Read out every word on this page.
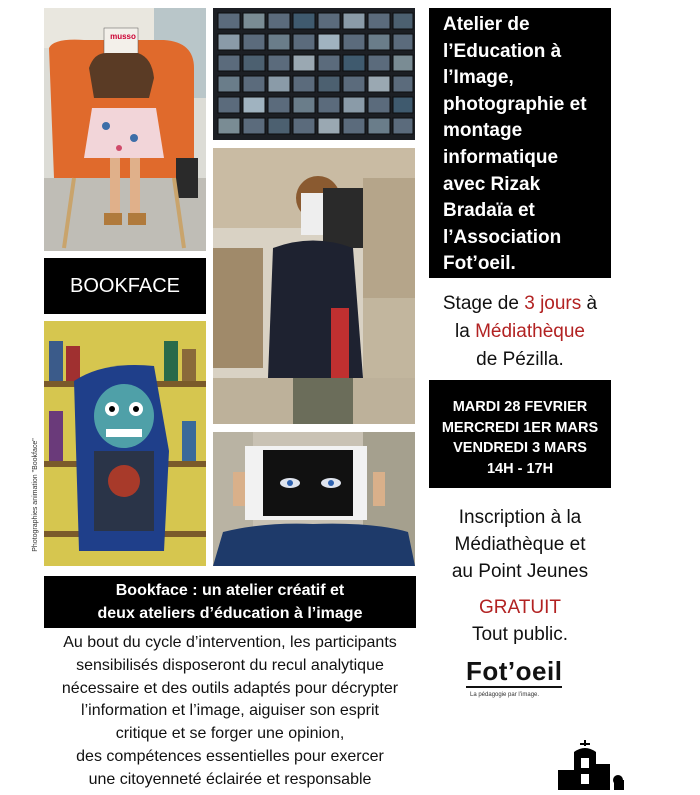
musso
BOOKFACE
Photographies animation "Bookface"
Atelier de
l’Education à
l’Image,
photographie et
montage
informatique
avec Rizak
Bradaïa et
l’Association
Fot’oeil.
Stage de 3 jours à
la Médiathèque
de Pézilla.
MARDI 28 FEVRIER
MERCREDI 1ER MARS
VENDREDI 3 MARS
14H - 17H
Inscription à la
Médiathèque et
au Point Jeunes
GRATUIT
Tout public.
Fot’oeil
La pédagogie par l’image.
Bookface : un atelier créatif et
deux ateliers d’éducation à l’image
Au bout du cycle d’intervention, les participants
sensibilisés disposeront du recul analytique
nécessaire et des outils adaptés pour décrypter
l’information et l’image, aiguiser son esprit
critique et se forger une opinion,
des compétences essentielles pour exercer
une citoyenneté éclairée et responsable
